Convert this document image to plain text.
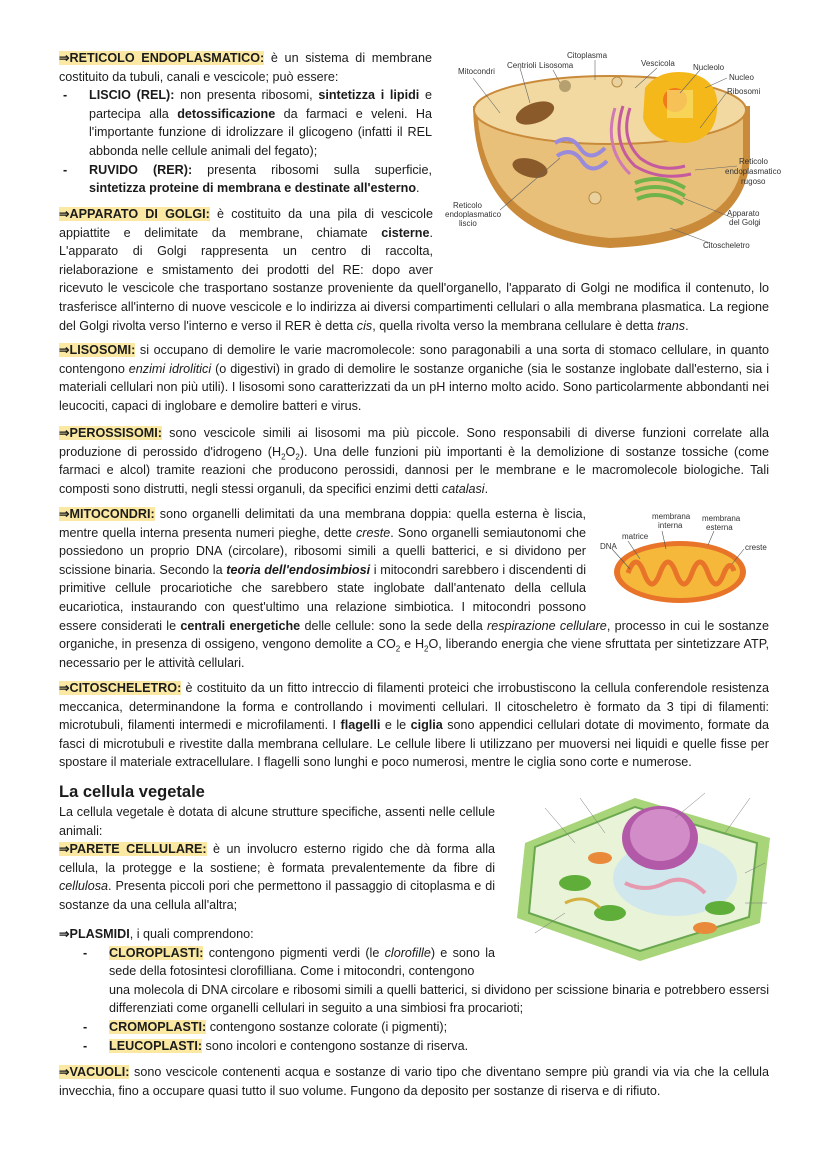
Citoplasma
Centrioli Lisosoma	Vescicola Nucleolo
Mitocondri
Nucleo
Ribosomi
Reticolo
endoplasmatico
rugoso
Reticolo
endoplasmatico
liscio
Apparato
del Golgi
Citoscheletro

⇒RETICOLO ENDOPLASMATICO: è un sistema di membrane costituito da tubuli, canali e vescicole; può essere:

- LISCIO (REL): non presenta ribosomi, sintetizza i lipidi e partecipa alla detossificazione da farmaci e veleni. Ha l'importante funzione di idrolizzare il glicogeno (infatti il REL abbonda nelle cellule animali del fegato);
- RUVIDO (RER): presenta ribosomi sulla superficie, sintetizza proteine di membrana e destinate all'esterno.

⇒APPARATO DI GOLGI: è costituito da una pila di vescicole appiattite e delimitate da membrane, chiamate cisterne. L'apparato di Golgi rappresenta un centro di raccolta, rielaborazione e smistamento dei prodotti del RE: dopo aver ricevuto le vescicole che trasportano sostanze proveniente da quell'organello, l'apparato di Golgi ne modifica il contenuto, lo trasferisce all'interno di nuove vescicole e lo indirizza ai diversi compartimenti cellulari o alla membrana plasmatica. La regione del Golgi rivolta verso l'interno e verso il RER è detta cis, quella rivolta verso la membrana cellulare è detta trans.

⇒LISOSOMI: si occupano di demolire le varie macromolecole: sono paragonabili a una sorta di stomaco cellulare, in quanto contengono enzimi idrolitici (o digestivi) in grado di demolire le sostanze organiche (sia le sostanze inglobate dall'esterno, sia i materiali cellulari non più utili). I lisosomi sono caratterizzati da un pH interno molto acido. Sono particolarmente abbondanti nei leucociti, capaci di inglobare e demolire batteri e virus.

⇒PEROSSISOMI: sono vescicole simili ai lisosomi ma più piccole. Sono responsabili di diverse funzioni correlate alla produzione di perossido d'idrogeno $(H_2O_2)$. Una delle funzioni più importanti è la demolizione di sostanze tossiche (come farmaci e alcol) tramite reazioni che producono perossidi, dannosi per le membrane e le macromolecole biologiche. Tali composti sono distrutti, negli stessi organuli, da specifici enzimi detti catalasi.

membrana
interna
membrana
esterna
matrice
DNA	creste

⇒MITOCONDRI: sono organelli delimitati da una membrana doppia: quella esterna è liscia, mentre quella interna presenta numeri pieghe, dette creste. Sono organelli semiautonomi che possiedono un proprio DNA (circolare), ribosomi simili a quelli batterici, e si dividono per scissione binaria. Secondo la teoria dell'endosimbiosi i mitocondri sarebbero i discendenti di primitive cellule procariotiche che sarebbero state inglobate dall'antenato della cellula eucariotica, instaurando con quest'ultimo una relazione simbiotica. I mitocondri possono essere considerati le centrali energetiche delle cellule: sono la sede della respirazione cellulare, processo in cui le sostanze organiche, in presenza di ossigeno, vengono demolite a $CO_2$ e $H_2O$, liberando energia che viene sfruttata per sintetizzare ATP, necessario per le attività cellulari.

⇒CITOSCHELETRO: è costituito da un fitto intreccio di filamenti proteici che irrobustiscono la cellula conferendole resistenza meccanica, determinandone la forma e controllando i movimenti cellulari. Il citoscheletro è formato da 3 tipi di filamenti: microtubuli, filamenti intermedi e microfilamenti. I flagelli e le ciglia sono appendici cellulari dotate di movimento, formate da fasci di microtubuli e rivestite dalla membrana cellulare. Le cellule libere li utilizzano per muoversi nei liquidi e quelle fisse per spostare il materiale extracellulare. I flagelli sono lunghi e poco numerosi, mentre le ciglia sono corte e numerose.

La cellula vegetale

La cellula vegetale è dotata di alcune strutture specifiche, assenti nelle cellule animali:

⇒PARETE CELLULARE: è un involucro esterno rigido che dà forma alla cellula, la protegge e la sostiene; è formata prevalentemente da fibre di cellulosa. Presenta piccoli pori che permettono il passaggio di citoplasma e di sostanze da una cellula all'altra;

⇒PLASMIDI, i quali comprendono:

- CLOROPLASTI: contengono pigmenti verdi (le clorofille) e sono la sede della fotosintesi clorofilliana. Come i mitocondri, contengono

una molecola di DNA circolare e ribosomi simili a quelli batterici, si dividono per scissione binaria e potrebbero essersi differenziati come organelli cellulari in seguito a una simbiosi fra procarioti;

- CROMOPLASTI: contengono sostanze colorate (i pigmenti);
- LEUCOPLASTI: sono incolori e contengono sostanze di riserva.

⇒VACUOLI: sono vescicole contenenti acqua e sostanze di vario tipo che diventano sempre più grandi via via che la cellula invecchia, fino a occupare quasi tutto il suo volume. Fungono da deposito per sostanze di riserva e di rifiuto.
